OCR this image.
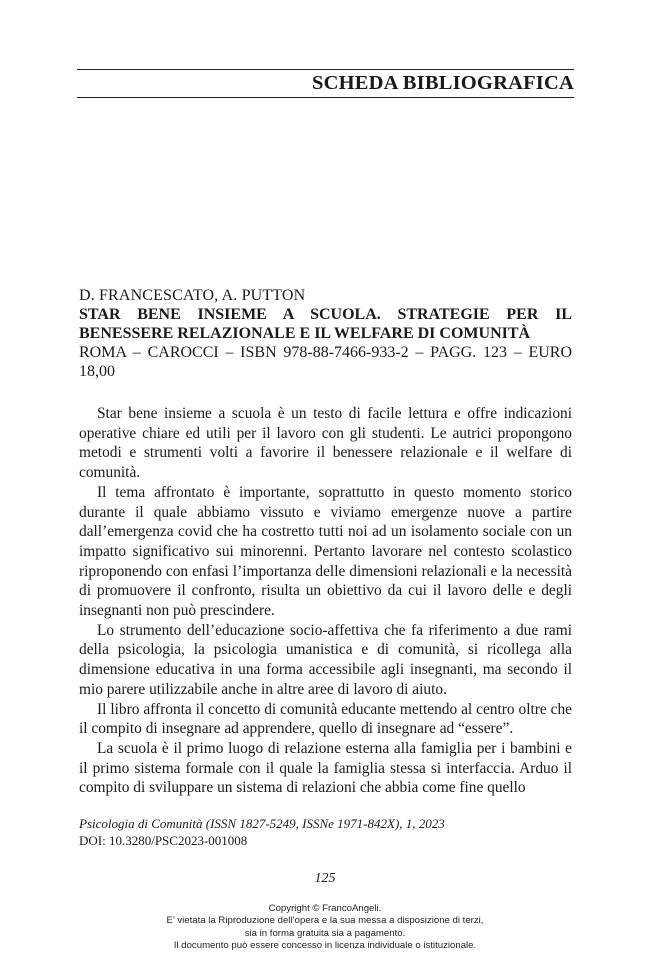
SCHEDA BIBLIOGRAFICA
D. FRANCESCATO, A. PUTTON
STAR BENE INSIEME A SCUOLA. STRATEGIE PER IL BENESSERE RELAZIONALE E IL WELFARE DI COMUNITÀ
ROMA – CAROCCI – ISBN 978-88-7466-933-2 – PAGG. 123 – EURO 18,00

Star bene insieme a scuola è un testo di facile lettura e offre indicazioni operative chiare ed utili per il lavoro con gli studenti. Le autrici propongono metodi e strumenti volti a favorire il benessere relazionale e il welfare di comunità.

Il tema affrontato è importante, soprattutto in questo momento storico durante il quale abbiamo vissuto e viviamo emergenze nuove a partire dall’emergenza covid che ha costretto tutti noi ad un isolamento sociale con un impatto significativo sui minorenni. Pertanto lavorare nel contesto scolastico riproponendo con enfasi l’importanza delle dimensioni relazionali e la necessità di promuovere il confronto, risulta un obiettivo da cui il lavoro delle e degli insegnanti non può prescindere.

Lo strumento dell’educazione socio-affettiva che fa riferimento a due rami della psicologia, la psicologia umanistica e di comunità, si ricollega alla dimensione educativa in una forma accessibile agli insegnanti, ma secondo il mio parere utilizzabile anche in altre aree di lavoro di aiuto.

Il libro affronta il concetto di comunità educante mettendo al centro oltre che il compito di insegnare ad apprendere, quello di insegnare ad “essere”.

La scuola è il primo luogo di relazione esterna alla famiglia per i bambini e il primo sistema formale con il quale la famiglia stessa si interfaccia. Arduo il compito di sviluppare un sistema di relazioni che abbia come fine quello

Psicologia di Comunità (ISSN 1827-5249, ISSNe 1971-842X), 1, 2023
DOI: 10.3280/PSC2023-001008
125
Copyright © FrancoAngeli.
E’ vietata la Riproduzione dell’opera e la sua messa a disposizione di terzi,
sia in forma gratuita sia a pagamento.
Il documento può essere concesso in licenza individuale o istituzionale.
